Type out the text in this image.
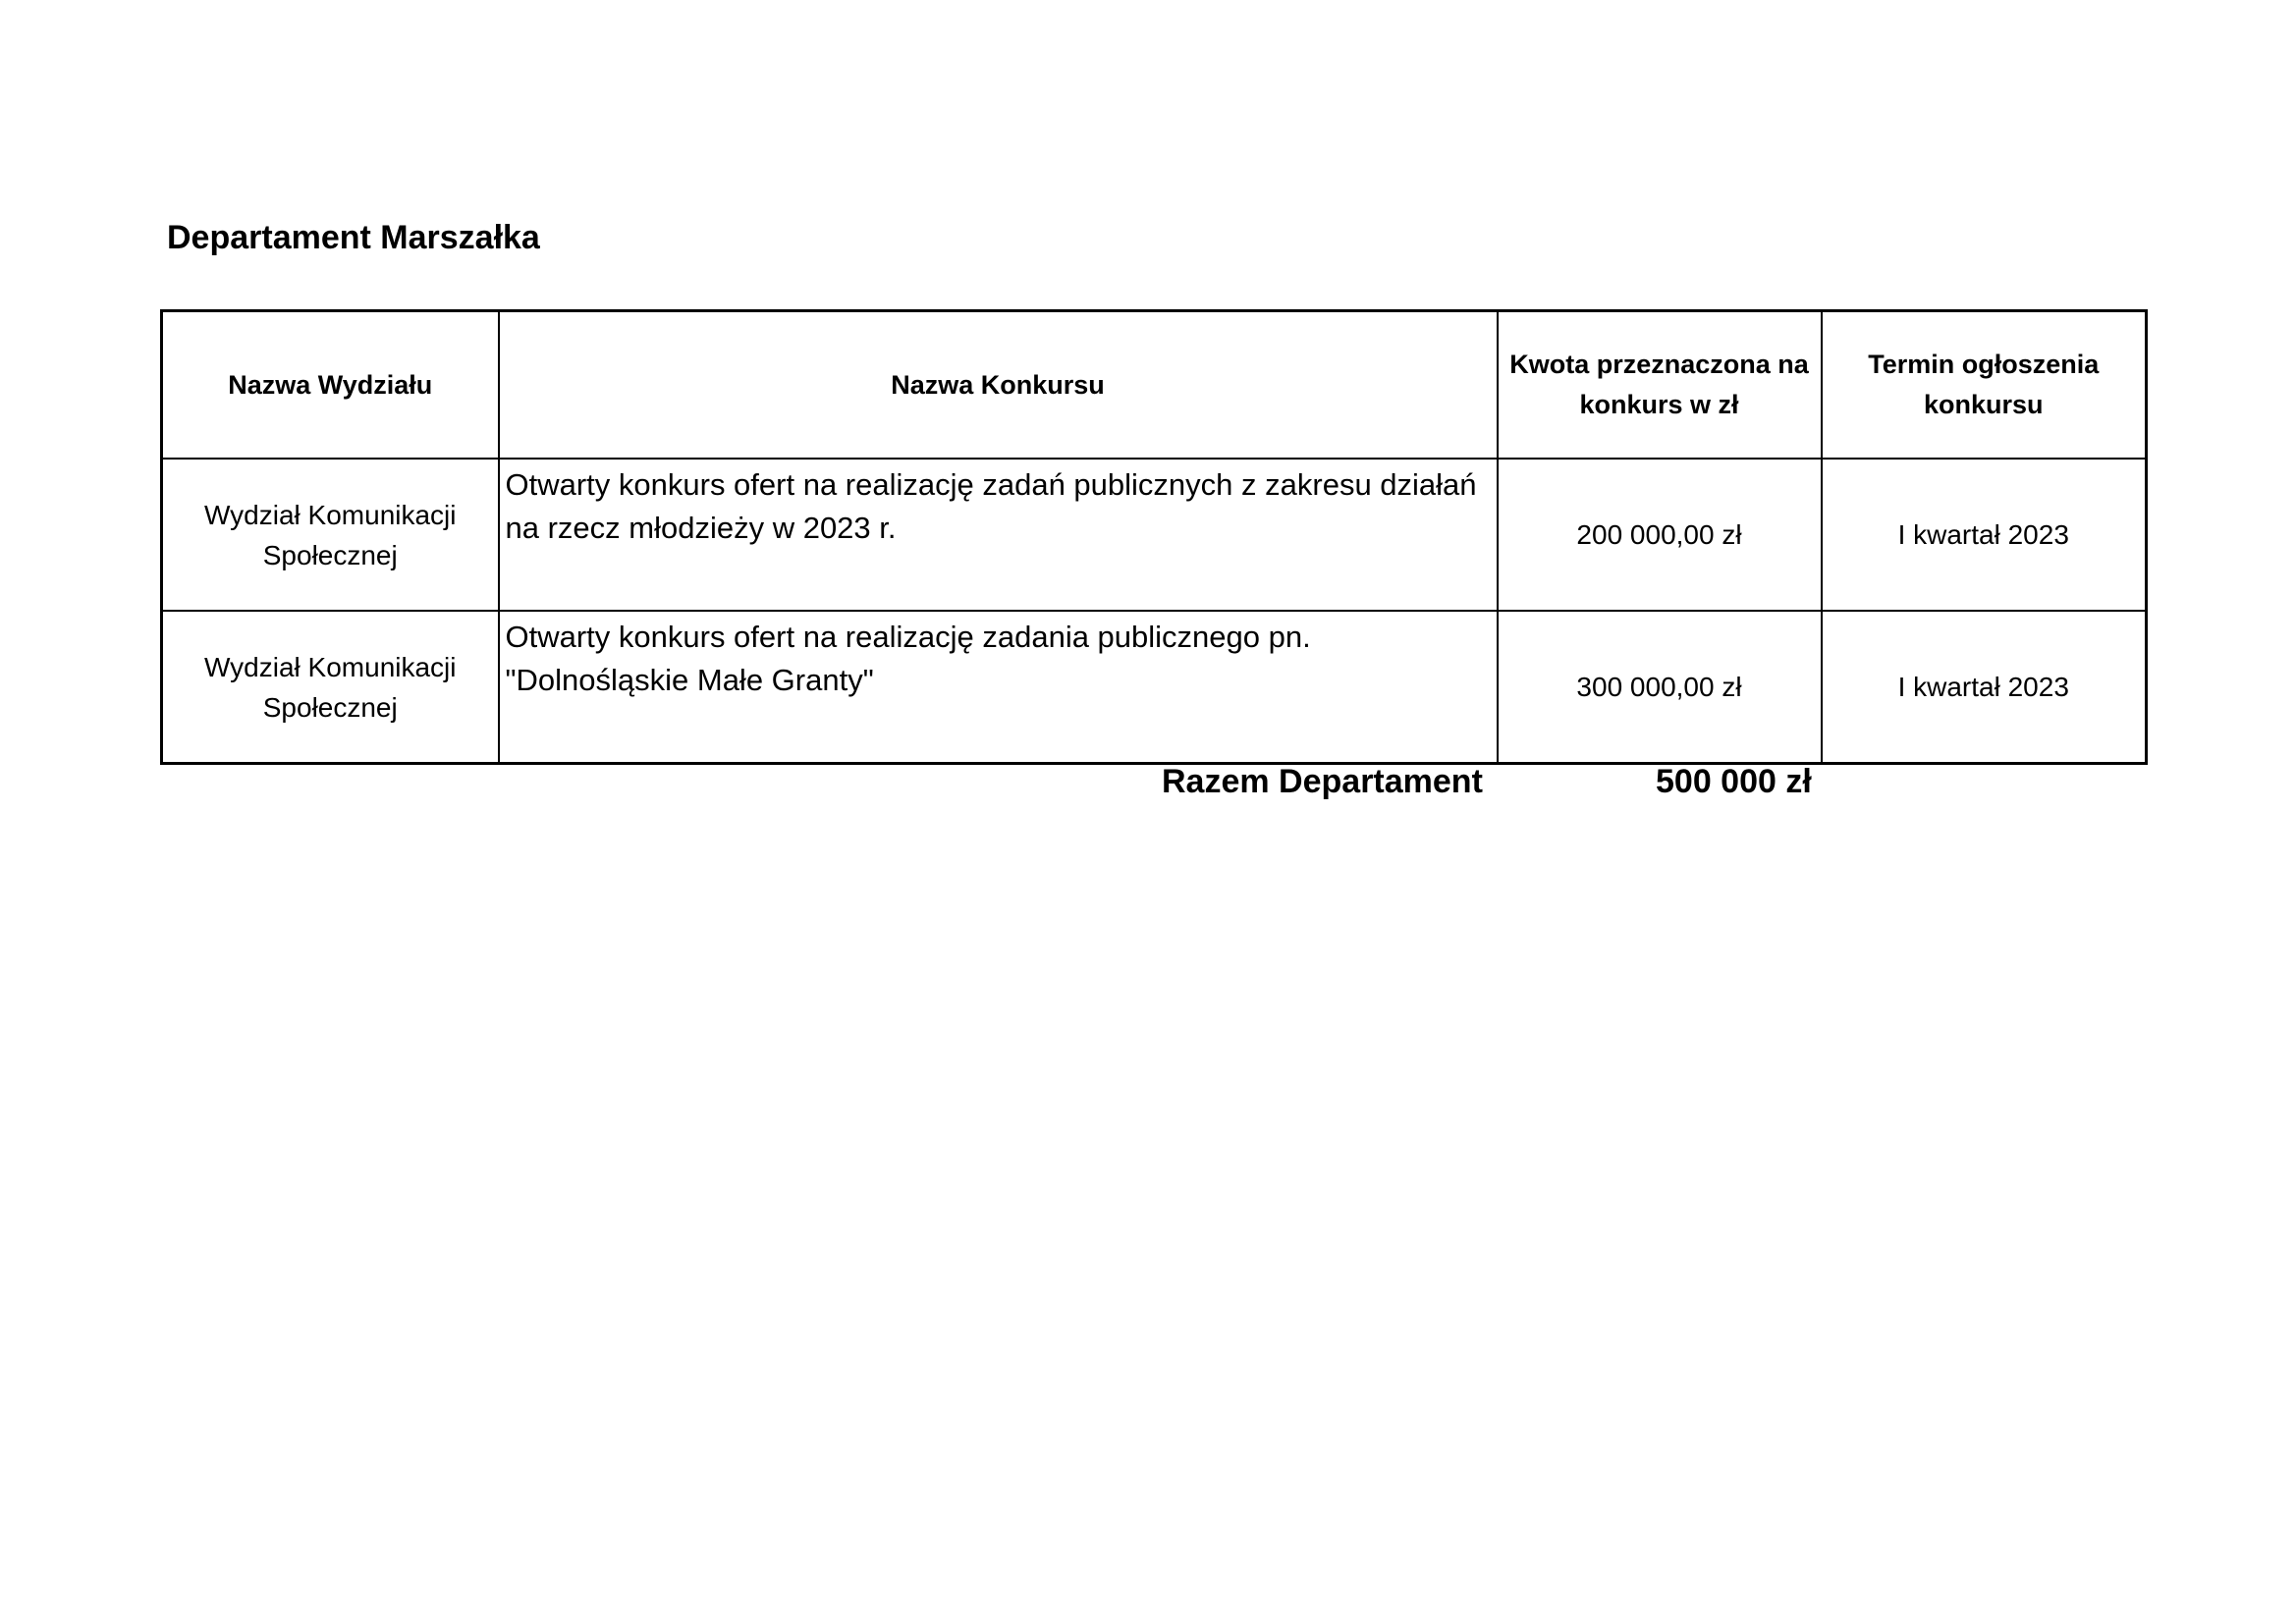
Departament Marszałka
Nazwa Wydziału	Nazwa Konkursu	Kwota przeznaczona na konkurs w zł	Termin ogłoszenia konkursu
Wydział Komunikacji Społecznej	Otwarty konkurs ofert na realizację zadań publicznych z zakresu działań na rzecz młodzieży w 2023 r.	200 000,00 zł	I kwartał 2023
Wydział Komunikacji Społecznej	Otwarty konkurs ofert na realizację zadania publicznego pn. "Dolnośląskie Małe Granty"	300 000,00 zł	I kwartał 2023
Razem Departament	500 000 zł
